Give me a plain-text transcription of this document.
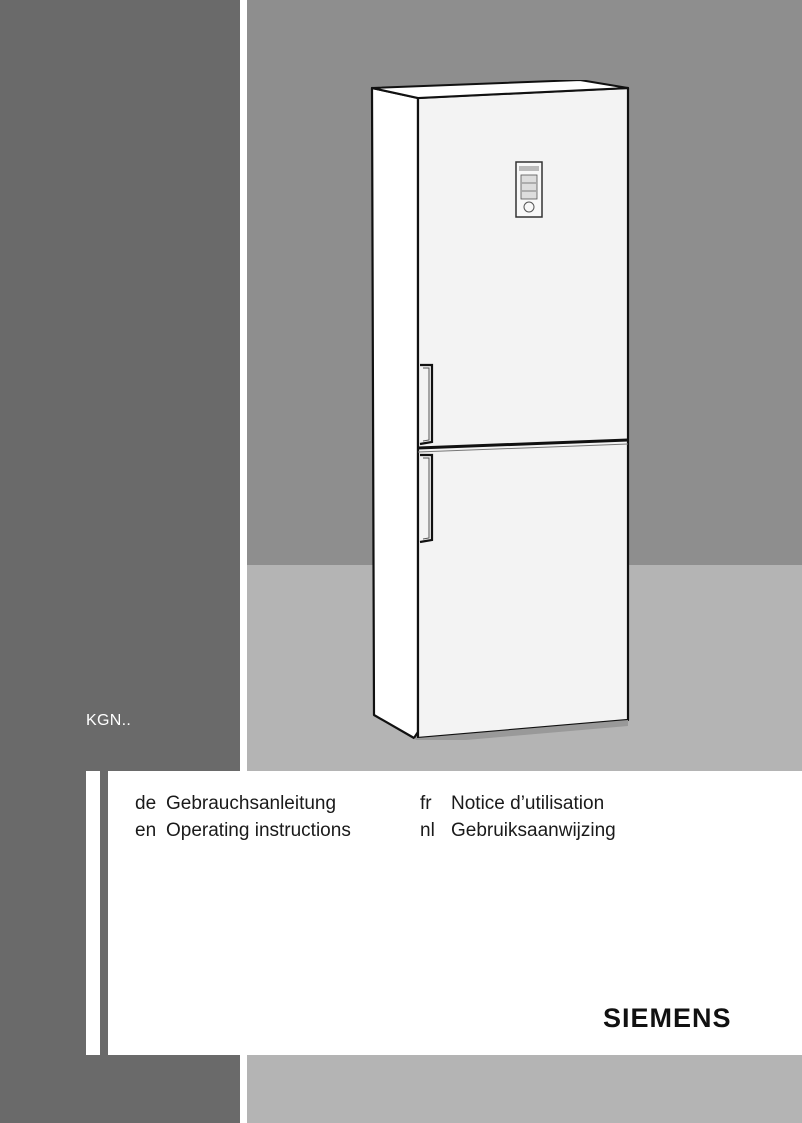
KGN..
de Gebrauchsanleitung	fr	Notice d’utilisation
en Operating instructions	nl Gebruiksaanwijzing
SIEMENS
